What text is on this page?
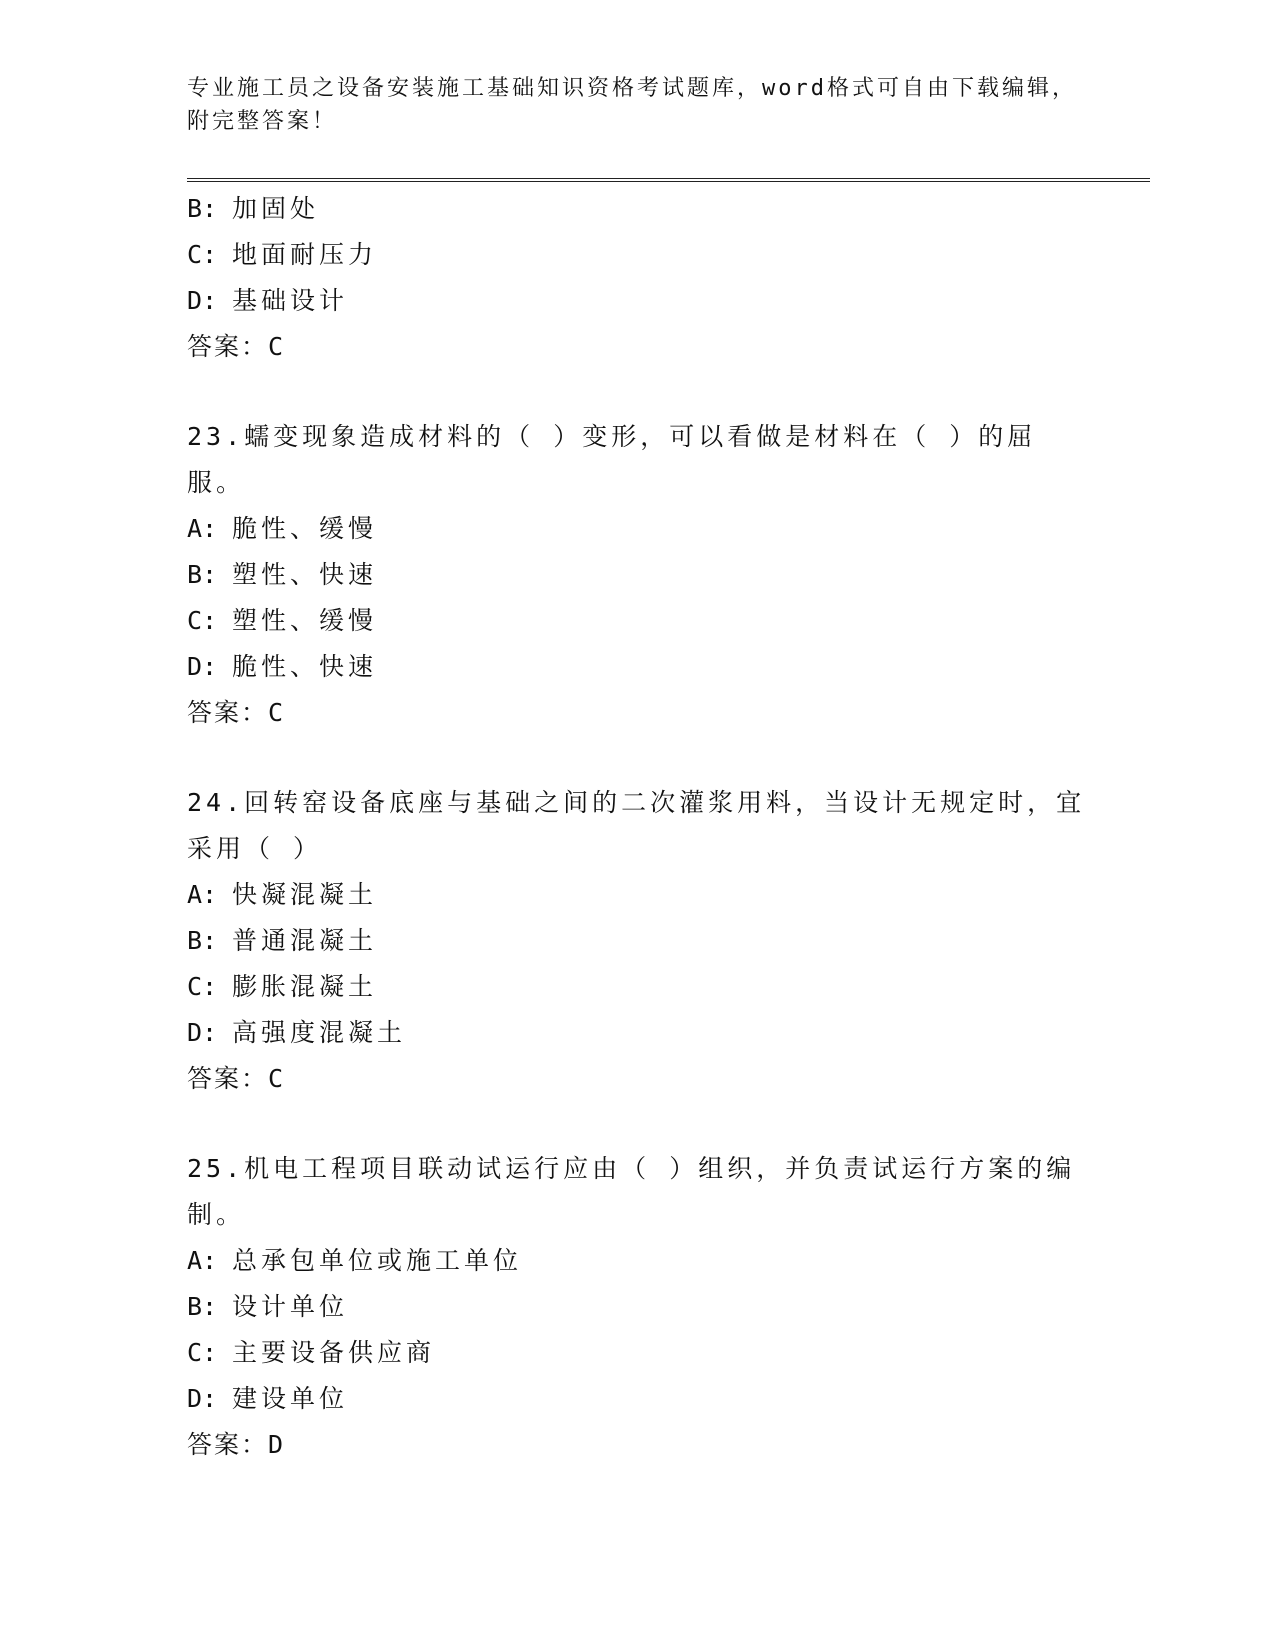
专业施工员之设备安装施工基础知识资格考试题库，word格式可自由下载编辑，
附完整答案！
B: 加固处
C: 地面耐压力
D: 基础设计
答案：C
23.蠕变现象造成材料的（ ）变形，可以看做是材料在（ ）的屈服。
A: 脆性、缓慢
B: 塑性、快速
C: 塑性、缓慢
D: 脆性、快速
答案：C
24.回转窑设备底座与基础之间的二次灌浆用料，当设计无规定时，宜
采用（ ）
A: 快凝混凝土
B: 普通混凝土
C: 膨胀混凝土
D: 高强度混凝土
答案：C
25.机电工程项目联动试运行应由（ ）组织，并负责试运行方案的编
制。
A: 总承包单位或施工单位
B: 设计单位
C: 主要设备供应商
D: 建设单位
答案：D
